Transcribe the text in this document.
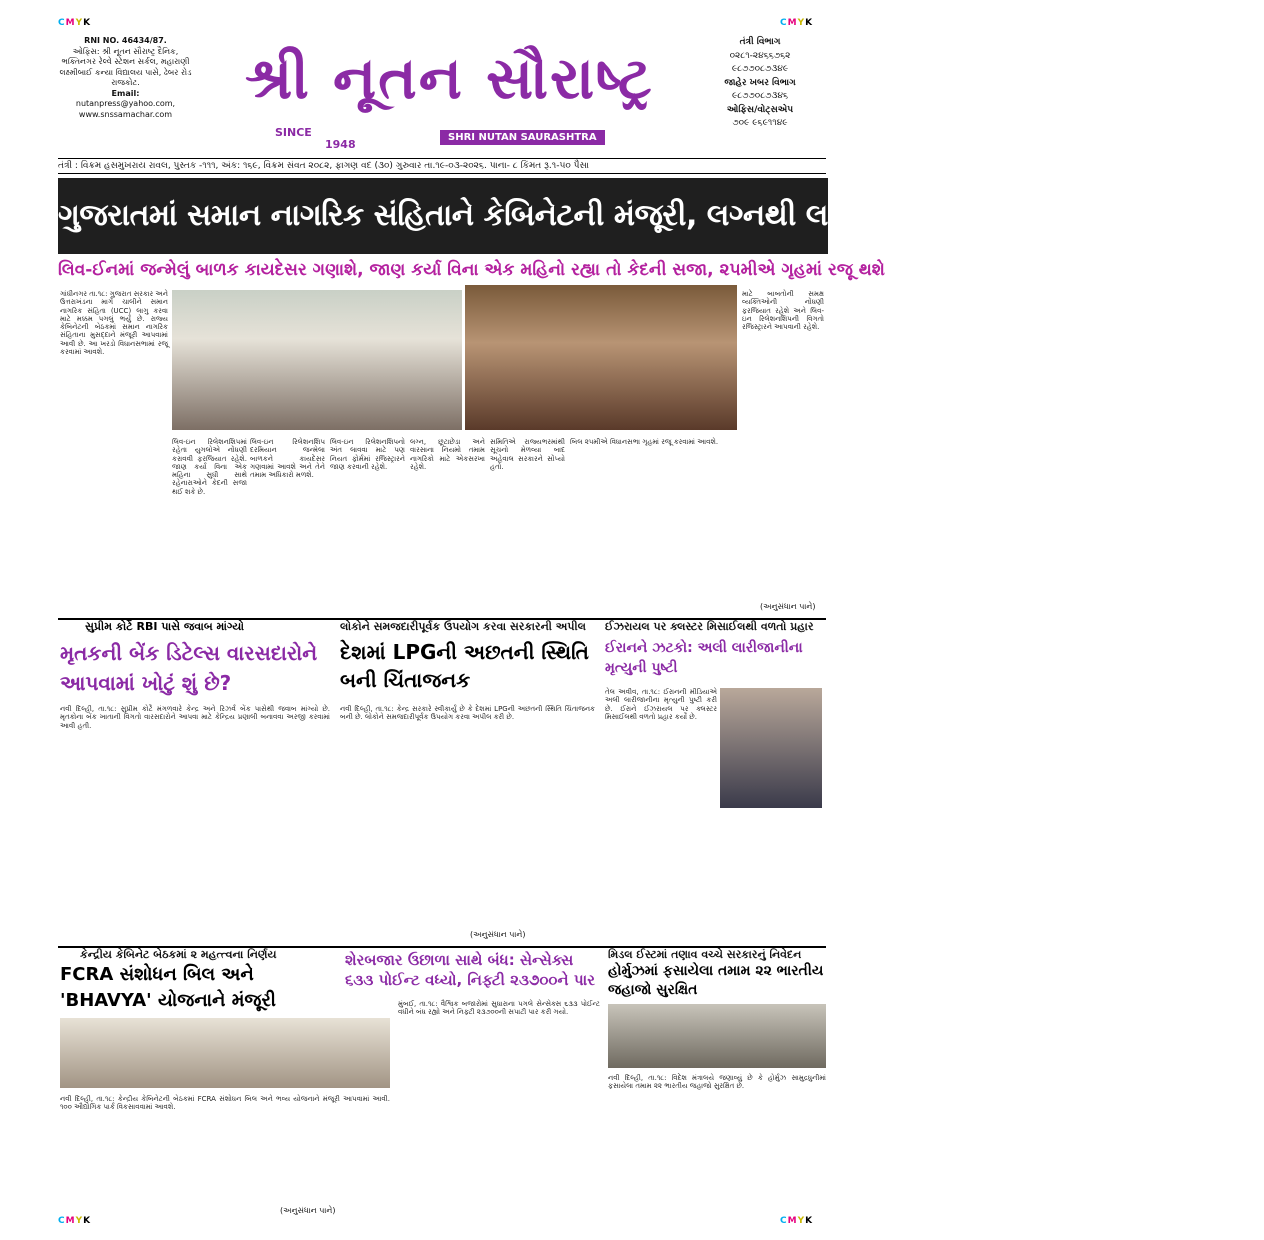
CMYK	CMYK
CMYK	CMYK
RNI NO. 46434/87.
ઓફિસ: શ્રી નૂતન સૌરાષ્ટ્ર દૈનિક, ભક્તિનગર રેલ્વે સ્ટેશન સર્કલ, મહારાણી લક્ષ્મીબાઈ કન્યા વિદ્યાલય પાસે, ઢેબર રોડ રાજકોટ.
Email:
nutanpress@yahoo.com,
www.snssamachar.com
શ્રી નૂતન સૌરાષ્ટ્ર
SINCE
1948
SHRI NUTAN SAURASHTRA
તંત્રી વિભાગ
૦૨૮૧-૨૪૬૬૭૬૨
૯૮૭૭૦૮૭૩૪૯
જાહેર ખબર વિભાગ
૯૮૭૭૦૮૭૩૪૬
ઓફિસ/વોટ્સએપ
૭૦૯ ૯૬૯૧૧૪૯
તંત્રી : વિક્રમ હસમુખરાય રાવલ, પુસ્તક -૧૧૧, અંક: ૧૬૯, વિક્રમ સંવત ૨૦૮૨, ફાગણ વદ (૩૦) ગુરુવાર તા.૧૯-૦૩-૨૦૨૬. પાના- ૮ કિંમત રૂ.૧-૫૦ પૈસા
ગુજરાતમાં સમાન નાગરિક સંહિતાને કેબિનેટની મંજૂરી, લગ્નથી લઈને લિવ-ઇન સુધીના નિયમો બદલાશે
લિવ-ઈનમાં જન્મેલું બાળક કાયદેસર ગણાશે, જાણ કર્યા વિના એક મહિનો રહ્યા તો કેદની સજા, ૨૫મીએ ગૃહમાં રજૂ થશે
ગાંધીનગર તા.૧૮: ગુજરાત સરકાર અને ઉત્તરાખંડના માર્ગે ચાલીને સમાન નાગરિક સંહિતા (UCC) લાગુ કરવા માટે મક્કમ પગલું ભર્યું છે. રાજ્ય કેબિનેટની બેઠકમાં સમાન નાગરિક સંહિતાના મુસદ્દાને મંજૂરી આપવામાં આવી છે. આ ખરડો વિધાનસભામાં રજૂ કરવામાં આવશે.
લિવ-ઇન રિલેશનશિપમાં રહેતા યુગલોએ નોંધણી કરાવવી ફરજિયાત રહેશે. જાણ કર્યા વિના એક મહિના સુધી સાથે રહેનારાઓને કેદની સજા થઈ શકે છે.
લિવ-ઇન રિલેશનશિપ દરમિયાન જન્મેલા બાળકને કાયદેસર ગણવામાં આવશે અને તેને તમામ અધિકારો મળશે.
લિવ-ઇન રિલેશનશિપનો અંત લાવવા માટે પણ નિયત ફોર્મમાં રજિસ્ટ્રારને જાણ કરવાની રહેશે.
લગ્ન, છૂટાછેડા અને વારસાના નિયમો તમામ નાગરિકો માટે એકસરખા રહેશે.
સમિતિએ રાજ્યભરમાંથી સૂચનો મેળવ્યા બાદ અહેવાલ સરકારને સોંપ્યો હતો.
બિલ ૨૫મીએ વિધાનસભા ગૃહમાં રજૂ કરવામાં આવશે.
માટે બાબતોની સમક્ષ વ્યક્તિઓની નોંધણી ફરજિયાત રહેશે અને લિવ-ઇન રિલેશનશિપની વિગતો રજિસ્ટ્રારને આપવાની રહેશે.
(અનુસંધાન પાને)
સુપ્રીમ કોર્ટે RBI પાસે જવાબ માંગ્યો
મૃતકની બેંક ડિટેલ્સ વારસદારોને આપવામાં ખોટું શું છે?
નવી દિલ્હી, તા.૧૮: સુપ્રીમ કોર્ટે મંગળવારે કેન્દ્ર અને રિઝર્વ બેંક પાસેથી જવાબ માંગ્યો છે. મૃતકોના બેંક ખાતાની વિગતો વારસદારોને આપવા માટે કેન્દ્રિય પ્રણાલી બનાવવા અરજી કરવામાં આવી હતી.
લોકોને સમજદારીપૂર્વક ઉપયોગ કરવા સરકારની અપીલ
દેશમાં LPGની અછતની સ્થિતિ બની ચિંતાજનક
નવી દિલ્હી, તા.૧૮: કેન્દ્ર સરકારે સ્વીકાર્યું છે કે દેશમાં LPGની અછતની સ્થિતિ ચિંતાજનક બની છે. લોકોને સમજદારીપૂર્વક ઉપયોગ કરવા અપીલ કરી છે.
(અનુસંધાન પાને)
ઈઝરાયલ પર ક્લસ્ટર મિસાઈલથી વળતો પ્રહાર
ઈરાનને ઝટકો: અલી લારીજાનીના મૃત્યુની પુષ્ટી
તેલ અવીવ, તા.૧૮: ઈરાનની મીડિયાએ અલી લારીજાનીના મૃત્યુની પુષ્ટી કરી છે. ઈરાને ઈઝરાયલ પર ક્લસ્ટર મિસાઈલથી વળતો પ્રહાર કર્યો છે.
કેન્દ્રીય કેબિનેટ બેઠકમાં ૨ મહત્ત્વના નિર્ણય
FCRA સંશોધન બિલ અને 'BHAVYA' યોજનાને મંજૂરી
નવી દિલ્હી, તા.૧૮: કેન્દ્રીય કેબિનેટની બેઠકમાં FCRA સંશોધન બિલ અને ભવ્ય યોજનાને મંજૂરી આપવામાં આવી. ૧૦૦ ઔદ્યોગિક પાર્ક વિકસાવવામાં આવશે.
(અનુસંધાન પાને)
શેરબજાર ઉછાળા સાથે બંધ: સેન્સેક્સ ૬૩૩ પોઈન્ટ વધ્યો, નિફ્ટી ૨૩૭૦૦ને પાર
મુંબઈ, તા.૧૮: વૈશ્વિક બજારોમાં સુધારાના પગલે સેન્સેક્સ ૬૩૩ પોઈન્ટ વધીને બંધ રહ્યો અને નિફ્ટી ૨૩૭૦૦ની સપાટી પાર કરી ગયો.
મિડલ ઈસ્ટમાં તણાવ વચ્ચે સરકારનું નિવેદન
હોર્મુઝમાં ફસાયેલા તમામ ૨૨ ભારતીય જહાજો સુરક્ષિત
નવી દિલ્હી, તા.૧૮: વિદેશ મંત્રાલયે જણાવ્યું છે કે હોર્મુઝ સામુદ્રધુનીમાં ફસાયેલા તમામ ૨૨ ભારતીય જહાજો સુરક્ષિત છે.
